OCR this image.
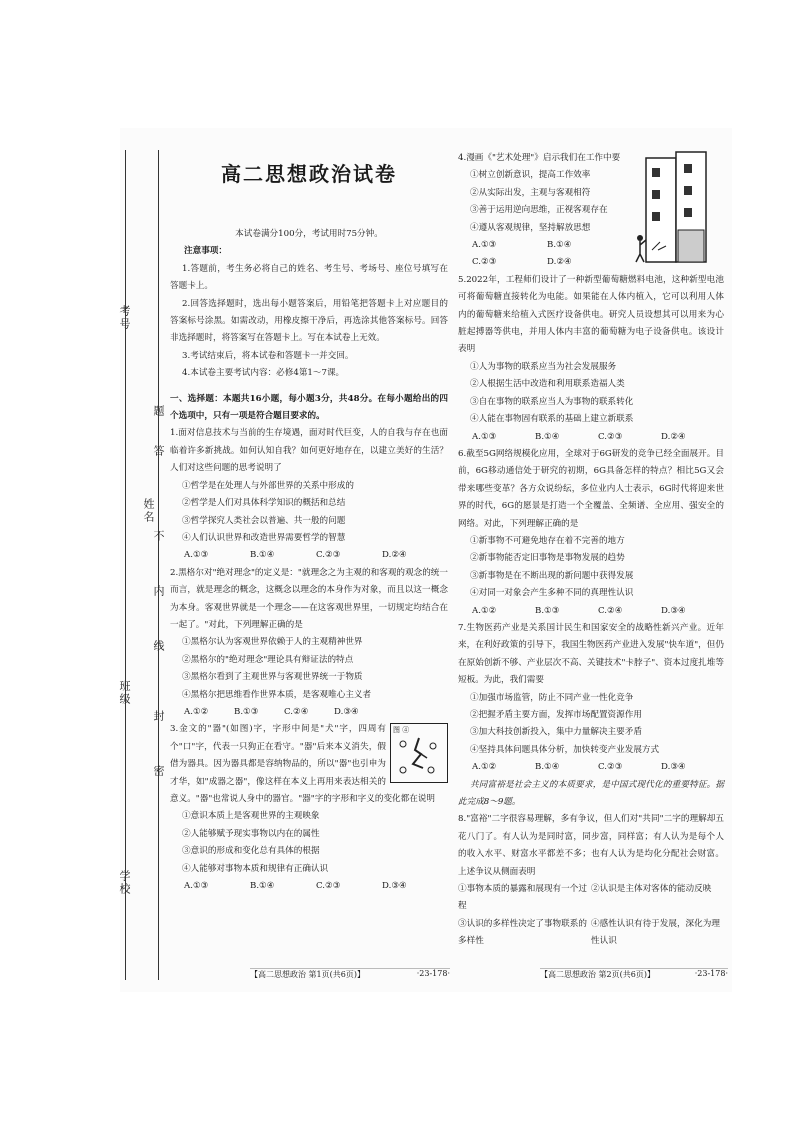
考号
姓名
班级
学校
题
答
不
内
线
封
密
高二思想政治试卷

本试卷满分100分，考试用时75分钟。

注意事项：

1.答题前，考生务必将自己的姓名、考生号、考场号、座位号填写在答题卡上。

2.回答选择题时，选出每小题答案后，用铅笔把答题卡上对应题目的答案标号涂黑。如需改动，用橡皮擦干净后，再选涂其他答案标号。回答非选择题时，将答案写在答题卡上。写在本试卷上无效。

3.考试结束后，将本试卷和答题卡一并交回。

4.本试卷主要考试内容：必修4第1～7课。

一、选择题：本题共16小题，每小题3分，共48分。在每小题给出的四个选项中，只有一项是符合题目要求的。

1.面对信息技术与当前的生存境遇，面对时代巨变，人的自我与存在也面临着许多新挑战。如何认知自我？如何更好地存在，以建立美好的生活？人们对这些问题的思考说明了

①哲学是在处理人与外部世界的关系中形成的

②哲学是人们对具体科学知识的概括和总结

③哲学探究人类社会以普遍、共一般的问题

④人们认识世界和改造世界需要哲学的智慧

A.①③	B.①④	C.②③	D.②④

2.黑格尔对"绝对理念"的定义是："就理念之为主观的和客观的观念的统一而言，就是理念的概念，这概念以理念的本身作为对象，而且以这一概念为本身。客观世界就是一个理念——在这客观世界里，一切规定均结合在一起了。"对此，下列理解正确的是

①黑格尔认为客观世界依赖于人的主观精神世界

②黑格尔的"绝对理念"理论具有辩证法的特点

③黑格尔看到了主观世界与客观世界统一于物质

④黑格尔把思维看作世界本质，是客观唯心主义者

A.①②	B.①③	C.②④	D.③④
图 ④

3.金文的"器"(如图)字，字形中间是"犬"字，四周有个"口"字，代表一只狗正在看守。"器"后来本义消失，假借为器具。因为器具都是容纳物品的，所以"器"也引申为才华，如"成器之器"，像这样在本义上再用来表达相关的意义。"器"也常说人身中的器官。"器"字的字形和字义的变化都在说明

①意识本质上是客观世界的主观映象

②人能够赋予现实事物以内在的属性

③意识的形成和变化总有具体的根据

④人能够对事物本质和规律有正确认识

A.①③	B.①④	C.②③	D.③④
【高二思想政治 第1页(共6页)】	·23-178·

4.漫画《"艺术处理"》启示我们在工作中要

①树立创新意识，提高工作效率

②从实际出发，主观与客观相符

③善于运用逆向思维，正视客观存在

④遵从客观规律，坚持解放思想

A.①③	B.①④
C.②③	D.②④

5.2022年，工程师们设计了一种新型葡萄糖燃料电池，这种新型电池可将葡萄糖直接转化为电能。如果能在人体内植入，它可以利用人体内的葡萄糖来给植入式医疗设备供电。研究人员设想其可以用来为心脏起搏器等供电，并用人体内丰富的葡萄糖为电子设备供电。该设计表明

①人为事物的联系应当为社会发展服务

②人根据生活中改造和利用联系造福人类

③自在事物的联系应当人为事物的联系转化

④人能在事物固有联系的基础上建立新联系

A.①③	B.①④	C.②③	D.②④

6.截至5G网络规模化应用，全球对于6G研发的竞争已经全面展开。目前，6G移动通信处于研究的初期，6G具备怎样的特点？相比5G又会带来哪些变革？各方众说纷纭，多位业内人士表示，6G时代将迎来世界的时代，6G的愿景是打造一个全覆盖、全频谱、全应用、强安全的网络。对此，下列理解正确的是

①新事物不可避免地存在着不完善的地方

②新事物能否定旧事物是事物发展的趋势

③新事物是在不断出现的新问题中获得发展

④对同一对象会产生多种不同的真理性认识

A.①②	B.①③	C.②④	D.③④

7.生物医药产业是关系国计民生和国家安全的战略性新兴产业。近年来，在利好政策的引导下，我国生物医药产业进入发展"快车道"，但仍在原始创新不够、产业层次不高、关键技术"卡脖子"、资本过度扎堆等短板。为此，我们需要

①加强市场监管，防止不同产业一性化竞争

②把握矛盾主要方面，发挥市场配置资源作用

③加大科技创新投入，集中力量解决主要矛盾

④坚持具体问题具体分析，加快转变产业发展方式

A.①②	B.①④	C.②③	D.③④

共同富裕是社会主义的本质要求，是中国式现代化的重要特征。据此完成8～9题。

8."富裕"二字很容易理解，多有争议，但人们对"共同"二字的理解却五花八门了。有人认为是同时富，同步富，同样富；有人认为是每个人的收入水平、财富水平都差不多；也有人认为是均化分配社会财富。上述争议从侧面表明

①事物本质的暴露和展现有一个过程
②认识是主体对客体的能动反映
③认识的多样性决定了事物联系的多样性
④感性认识有待于发展，深化为理性认识
【高二思想政治 第2页(共6页)】	·23-178·
